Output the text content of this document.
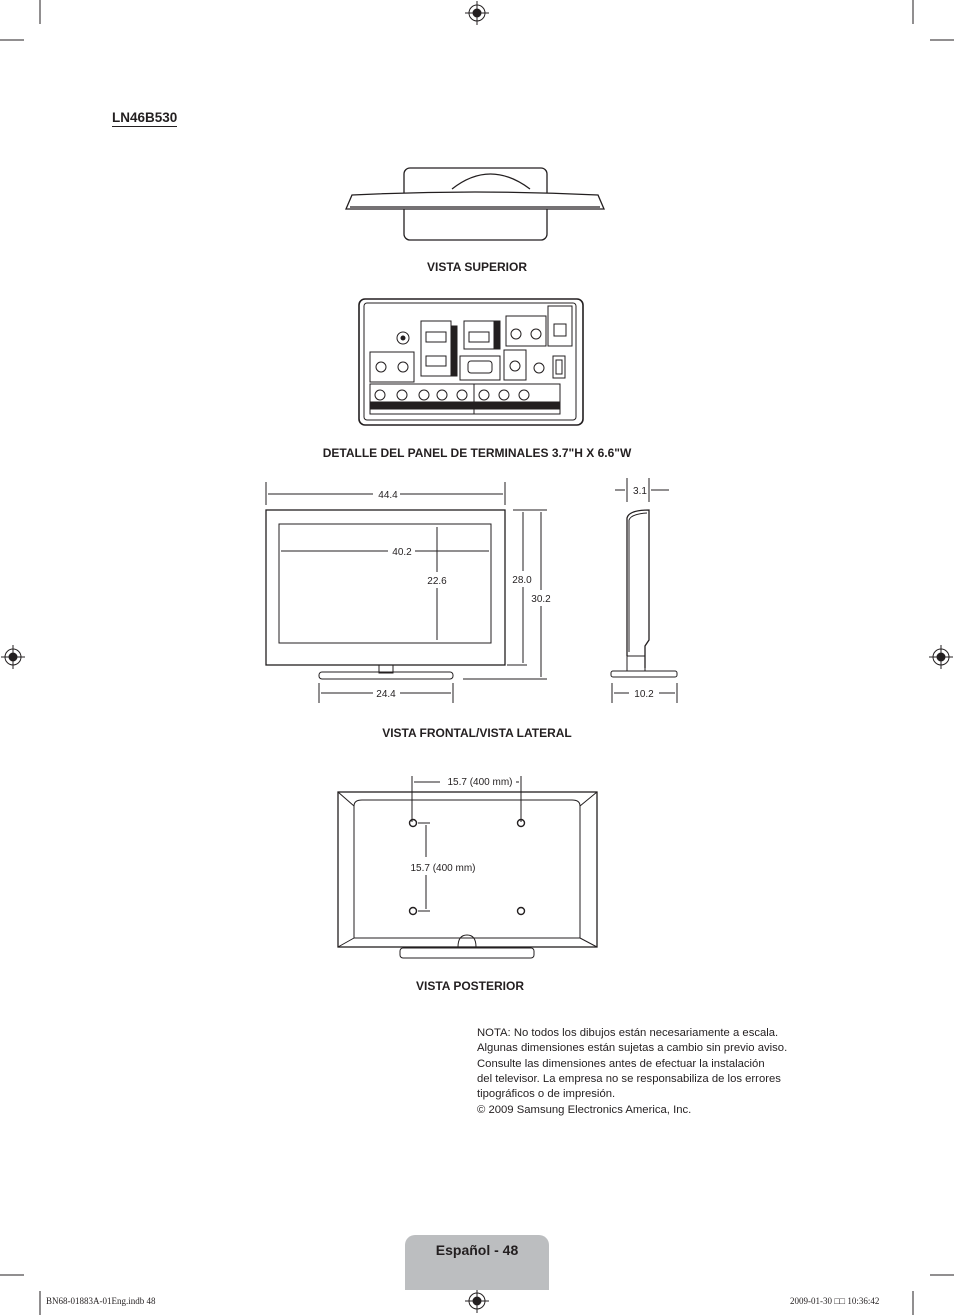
LN46B530
VISTA SUPERIOR
DETALLE DEL PANEL DE TERMINALES 3.7"H X 6.6"W
44.4
40.2
22.6	28.0
30.2
24.4
3.1
10.2
VISTA FRONTAL/VISTA LATERAL
15.7 (400 mm)
15.7 (400 mm)
VISTA POSTERIOR

NOTA: No todos los dibujos están necesariamente a escala.

Algunas dimensiones están sujetas a cambio sin previo aviso.

Consulte las dimensiones antes de efectuar la instalación

del televisor. La empresa no se responsabiliza de los errores

tipográficos o de impresión.

© 2009 Samsung Electronics America, Inc.

Español - 48
BN68-01883A-01Eng.indb 48	2009-01-30 □□ 10:36:42
